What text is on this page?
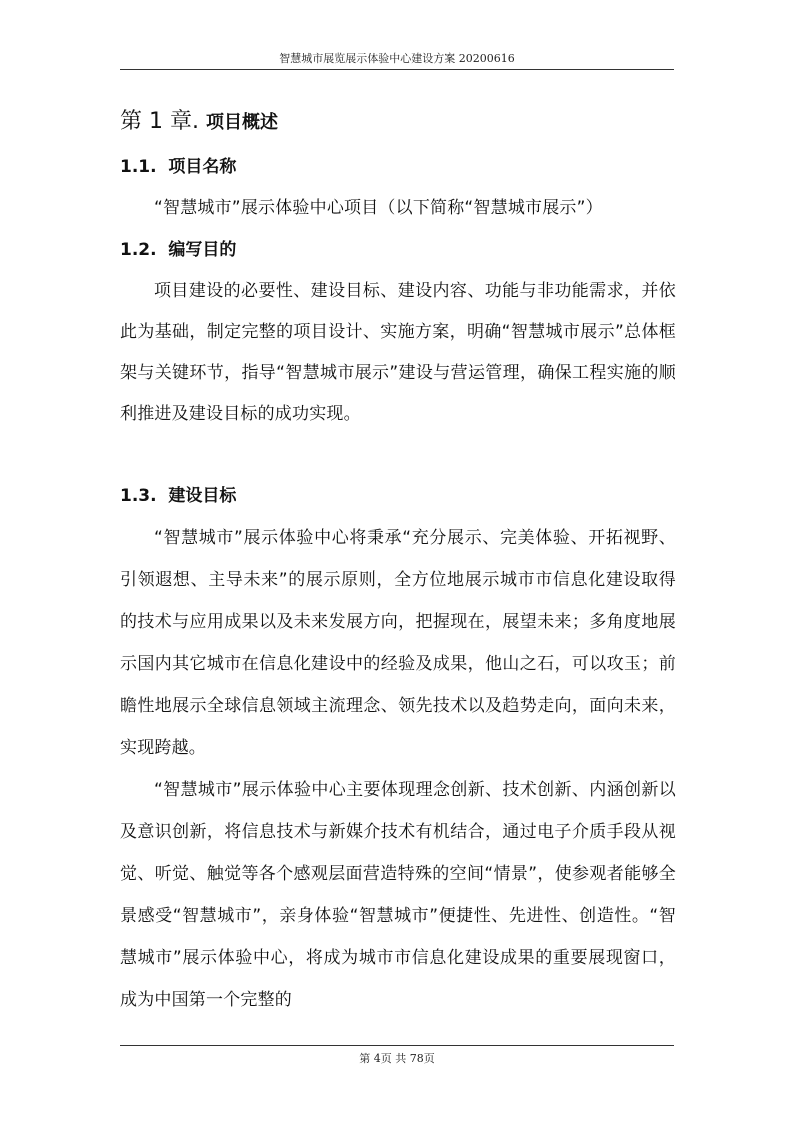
智慧城市展览展示体验中心建设方案 20200616
第 1 章. 项目概述
1.1. 项目名称

“智慧城市”展示体验中心项目（以下简称“智慧城市展示”）

1.2. 编写目的

项目建设的必要性、建设目标、建设内容、功能与非功能需求，并依此为基础，制定完整的项目设计、实施方案，明确“智慧城市展示”总体框架与关键环节，指导“智慧城市展示”建设与营运管理，确保工程实施的顺利推进及建设目标的成功实现。

1.3. 建设目标

“智慧城市”展示体验中心将秉承“充分展示、完美体验、开拓视野、引领遐想、主导未来”的展示原则，全方位地展示城市市信息化建设取得的技术与应用成果以及未来发展方向，把握现在，展望未来；多角度地展示国内其它城市在信息化建设中的经验及成果，他山之石，可以攻玉；前瞻性地展示全球信息领域主流理念、领先技术以及趋势走向，面向未来，实现跨越。

“智慧城市”展示体验中心主要体现理念创新、技术创新、内涵创新以及意识创新，将信息技术与新媒介技术有机结合，通过电子介质手段从视觉、听觉、触觉等各个感观层面营造特殊的空间“情景”，使参观者能够全景感受“智慧城市”，亲身体验“智慧城市”便捷性、先进性、创造性。“智慧城市”展示体验中心，将成为城市市信息化建设成果的重要展现窗口，成为中国第一个完整的

第 4页 共 78页
